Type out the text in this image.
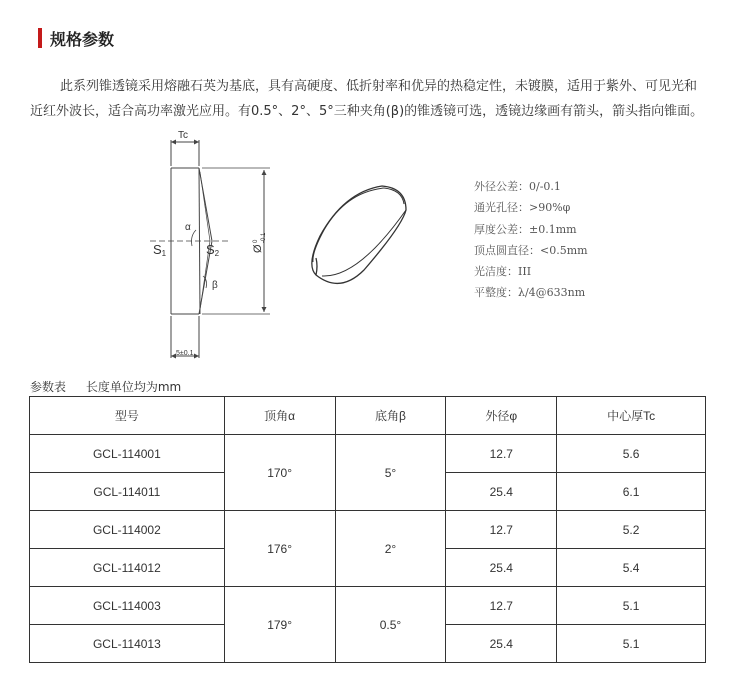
规格参数

此系列锥透镜采用熔融石英为基底，具有高硬度、低折射率和优异的热稳定性，未镀膜，适用于紫外、可见光和

近红外波长，适合高功率激光应用。有0.5°、2°、5°三种夹角(β)的锥透镜可选，透镜边缘画有箭头，箭头指向锥面。
Tc
S1	S2
α
β
5±0.1
Ø
0 -0.1
外径公差：0/-0.1
通光孔径：>90%φ
厚度公差：±0.1mm
顶点圆直径：<0.5mm
光洁度：III
平整度：λ/4@633nm
参数表 长度单位均为mm
型号	顶角α	底角β	外径φ	中心厚Tc
GCL-114001	170°	5°	12.7	5.6
GCL-114011			25.4	6.1
GCL-114002	176°	2°	12.7	5.2
GCL-114012			25.4	5.4
GCL-114003	179°	0.5°	12.7	5.1
GCL-114013			25.4	5.1
